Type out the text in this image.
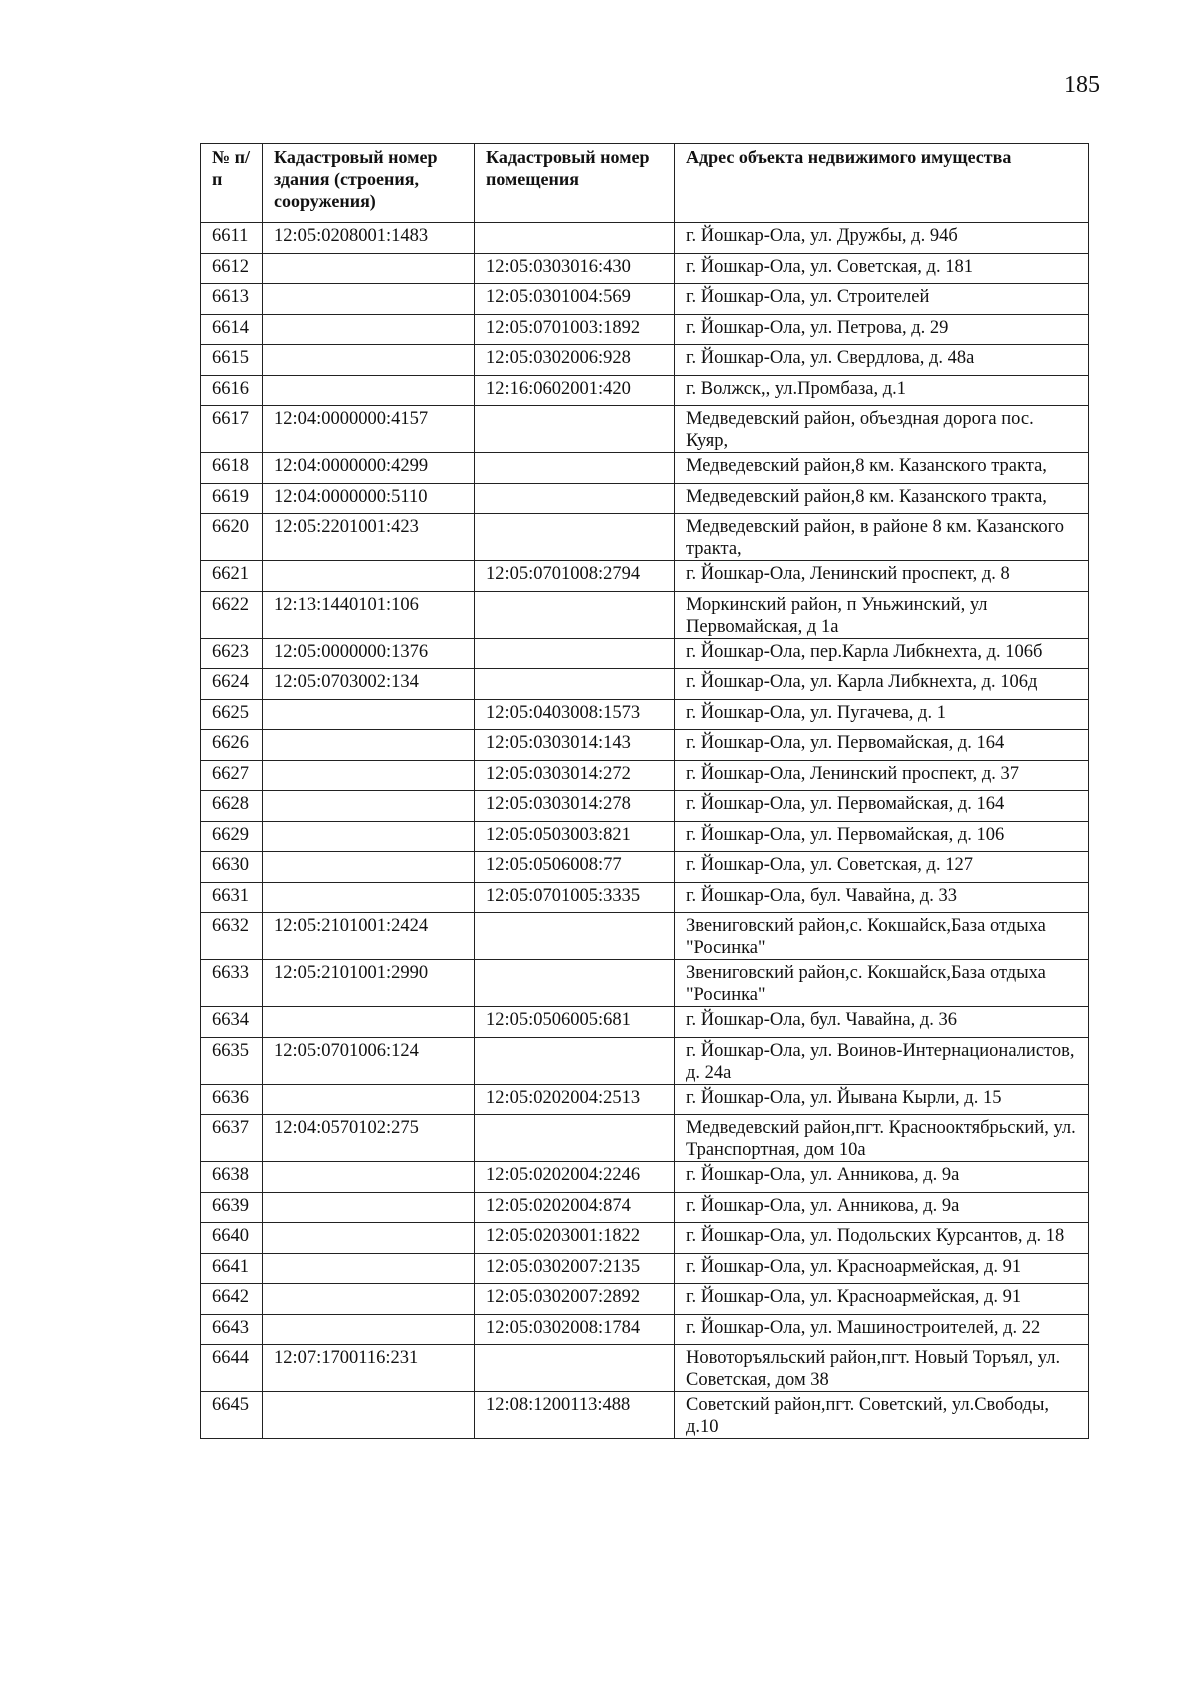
185
№ п/п	Кадастровый номер здания (строения, сооружения)	Кадастровый номер помещения	Адрес объекта недвижимого имущества
6611	12:05:0208001:1483		г. Йошкар-Ола, ул. Дружбы, д. 94б
6612		12:05:0303016:430	г. Йошкар-Ола, ул. Советская, д. 181
6613		12:05:0301004:569	г. Йошкар-Ола, ул. Строителей
6614		12:05:0701003:1892	г. Йошкар-Ола, ул. Петрова, д. 29
6615		12:05:0302006:928	г. Йошкар-Ола, ул. Свердлова, д. 48а
6616		12:16:0602001:420	г. Волжск,, ул.Промбаза, д.1
6617	12:04:0000000:4157		Медведевский район, объездная дорога пос. Куяр,
6618	12:04:0000000:4299		Медведевский район,8 км. Казанского тракта,
6619	12:04:0000000:5110		Медведевский район,8 км. Казанского тракта,
6620	12:05:2201001:423		Медведевский район, в районе 8 км. Казанского тракта,
6621		12:05:0701008:2794	г. Йошкар-Ола, Ленинский проспект, д. 8
6622	12:13:1440101:106		Моркинский район, п Уньжинский, ул Первомайская, д 1а
6623	12:05:0000000:1376		г. Йошкар-Ола, пер.Карла Либкнехта, д. 106б
6624	12:05:0703002:134		г. Йошкар-Ола, ул. Карла Либкнехта, д. 106д
6625		12:05:0403008:1573	г. Йошкар-Ола, ул. Пугачева, д. 1
6626		12:05:0303014:143	г. Йошкар-Ола, ул. Первомайская, д. 164
6627		12:05:0303014:272	г. Йошкар-Ола, Ленинский проспект, д. 37
6628		12:05:0303014:278	г. Йошкар-Ола, ул. Первомайская, д. 164
6629		12:05:0503003:821	г. Йошкар-Ола, ул. Первомайская, д. 106
6630		12:05:0506008:77	г. Йошкар-Ола, ул. Советская, д. 127
6631		12:05:0701005:3335	г. Йошкар-Ола, бул. Чавайна, д. 33
6632	12:05:2101001:2424		Звениговский район,с. Кокшайск,База отдыха "Росинка"
6633	12:05:2101001:2990		Звениговский район,с. Кокшайск,База отдыха "Росинка"
6634		12:05:0506005:681	г. Йошкар-Ола, бул. Чавайна, д. 36
6635	12:05:0701006:124		г. Йошкар-Ола, ул. Воинов-Интернационалистов, д. 24а
6636		12:05:0202004:2513	г. Йошкар-Ола, ул. Йывана Кырли, д. 15
6637	12:04:0570102:275		Медведевский район,пгт. Краснооктябрьский, ул. Транспортная, дом 10а
6638		12:05:0202004:2246	г. Йошкар-Ола, ул. Анникова, д. 9а
6639		12:05:0202004:874	г. Йошкар-Ола, ул. Анникова, д. 9а
6640		12:05:0203001:1822	г. Йошкар-Ола, ул. Подольских Курсантов, д. 18
6641		12:05:0302007:2135	г. Йошкар-Ола, ул. Красноармейская, д. 91
6642		12:05:0302007:2892	г. Йошкар-Ола, ул. Красноармейская, д. 91
6643		12:05:0302008:1784	г. Йошкар-Ола, ул. Машиностроителей, д. 22
6644	12:07:1700116:231		Новоторъяльский район,пгт. Новый Торъял, ул. Советская, дом 38
6645		12:08:1200113:488	Советский район,пгт. Советский, ул.Свободы, д.10
